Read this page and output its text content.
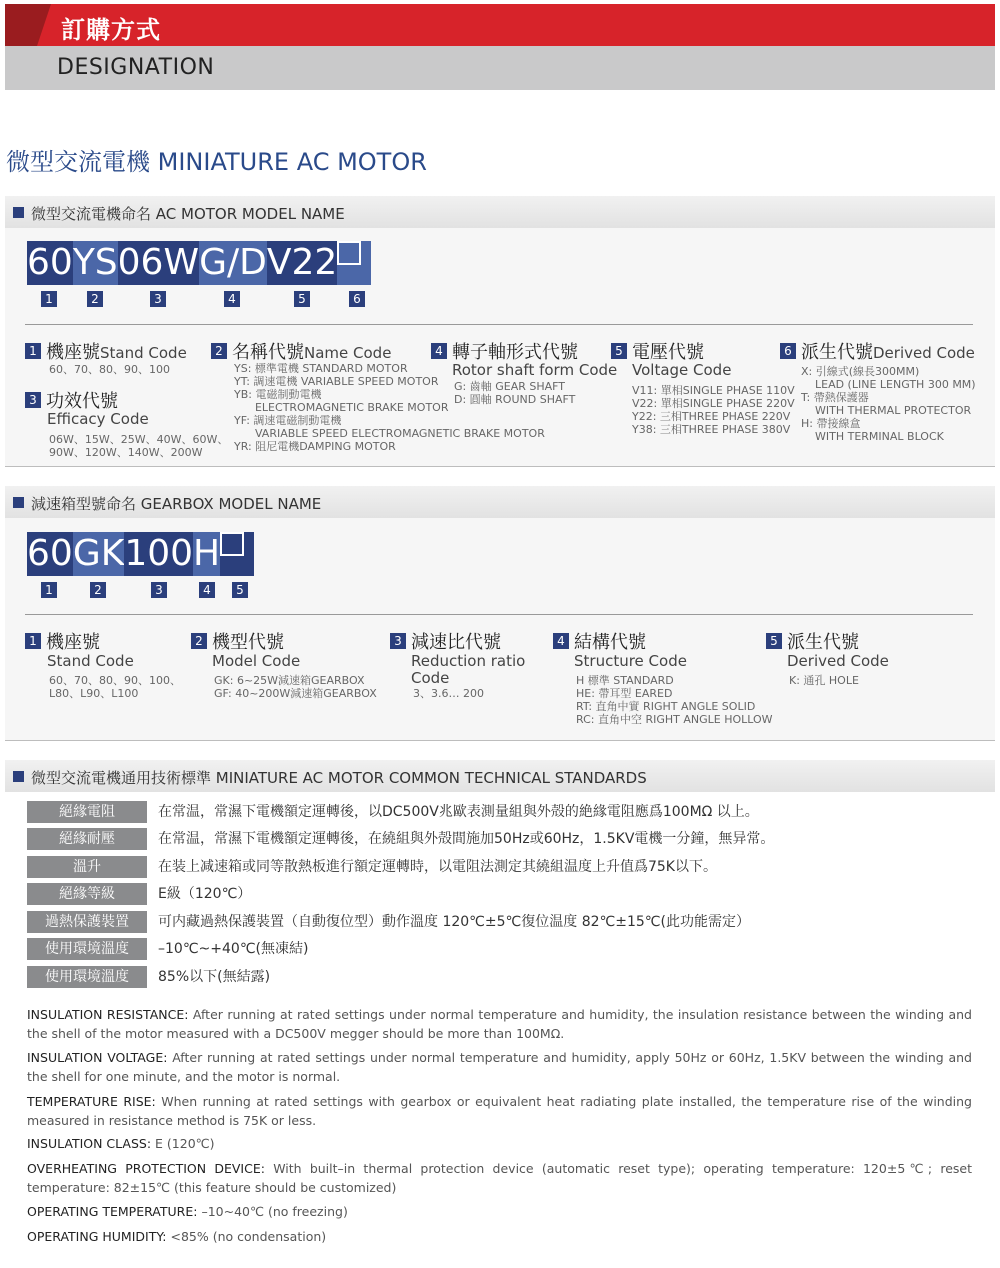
訂購方式
DESIGNATION
微型交流電機 MINIATURE AC MOTOR
微型交流電機命名 AC MOTOR MODEL NAME
60 YS 06 W G/D V22
1	2	3	4	5	6
1 機座號Stand Code
60、70、80、90、100
3 功效代號
Efficacy Code
06W、15W、25W、40W、60W、
90W、120W、140W、200W
2 名稱代號Name Code
YS: 標準電機 STANDARD MOTOR
YT: 調速電機 VARIABLE SPEED MOTOR
YB: 電磁制動電機
ELECTROMAGNETIC BRAKE MOTOR
YF: 調速電磁制動電機
VARIABLE SPEED ELECTROMAGNETIC BRAKE MOTOR
YR: 阻尼電機DAMPING MOTOR
4 轉子軸形式代號
Rotor shaft form Code
G: 齒軸 GEAR SHAFT
D: 圓軸 ROUND SHAFT
5 電壓代號
Voltage Code
V11: 單相SINGLE PHASE 110V
V22: 單相SINGLE PHASE 220V
Y22: 三相THREE PHASE 220V
Y38: 三相THREE PHASE 380V
6 派生代號Derived Code
X: 引線式(線長300MM)
LEAD (LINE LENGTH 300 MM)
T: 帶熱保護器
WITH THERMAL PROTECTOR
H: 帶接線盒
WITH TERMINAL BLOCK
減速箱型號命名 GEARBOX MODEL NAME
60 GK 100 H
1	2	3	4	5
1 機座號
Stand Code
60、70、80、90、100、
L80、L90、L100
2 機型代號
Model Code
GK: 6~25W減速箱GEARBOX
GF: 40~200W減速箱GEARBOX
3 減速比代號
Reduction ratio
Code
3、3.6… 200
4 結構代號
Structure Code
H 標準 STANDARD
HE: 帶耳型 EARED
RT: 直角中實 RIGHT ANGLE SOLID
RC: 直角中空 RIGHT ANGLE HOLLOW
5 派生代號
Derived Code
K: 通孔 HOLE
微型交流電機通用技術標準 MINIATURE AC MOTOR COMMON TECHNICAL STANDARDS
絕緣電阻	在常温，常濕下電機額定運轉後，以DC500V兆歐表測量組與外殻的絶緣電阻應爲100MΩ 以上。
絕緣耐壓	在常温，常濕下電機額定運轉後，在繞組與外殻間施加50Hz或60Hz，1.5KV電機一分鐘，無异常。
溫升	在装上减速箱或同等散熱板進行額定運轉時，以電阻法測定其繞組温度上升值爲75K以下。
絕緣等級	E級（120℃）
過熱保護裝置	可内藏過熱保護裝置（自動復位型）動作溫度 120℃±5℃復位温度 82℃±15℃(此功能需定）
使用環境溫度	–10℃~+40℃(無凍結)
使用環境溫度	85%以下(無結露)
INSULATION RESISTANCE: After running at rated settings under normal temperature and humidity, the insulation resistance between the winding and the shell of the motor measured with a DC500V megger should be more than 100MΩ.
INSULATION VOLTAGE: After running at rated settings under normal temperature and humidity, apply 50Hz or 60Hz, 1.5KV between the winding and the shell for one minute, and the motor is normal.
TEMPERATURE RISE: When running at rated settings with gearbox or equivalent heat radiating plate installed, the temperature rise of the winding measured in resistance method is 75K or less.
INSULATION CLASS: E (120℃)
OVERHEATING PROTECTION DEVICE: With built–in thermal protection device (automatic reset type); operating temperature: 120±5℃; reset temperature: 82±15℃ (this feature should be customized)
OPERATING TEMPERATURE: –10~40℃ (no freezing)
OPERATING HUMIDITY: <85% (no condensation)
